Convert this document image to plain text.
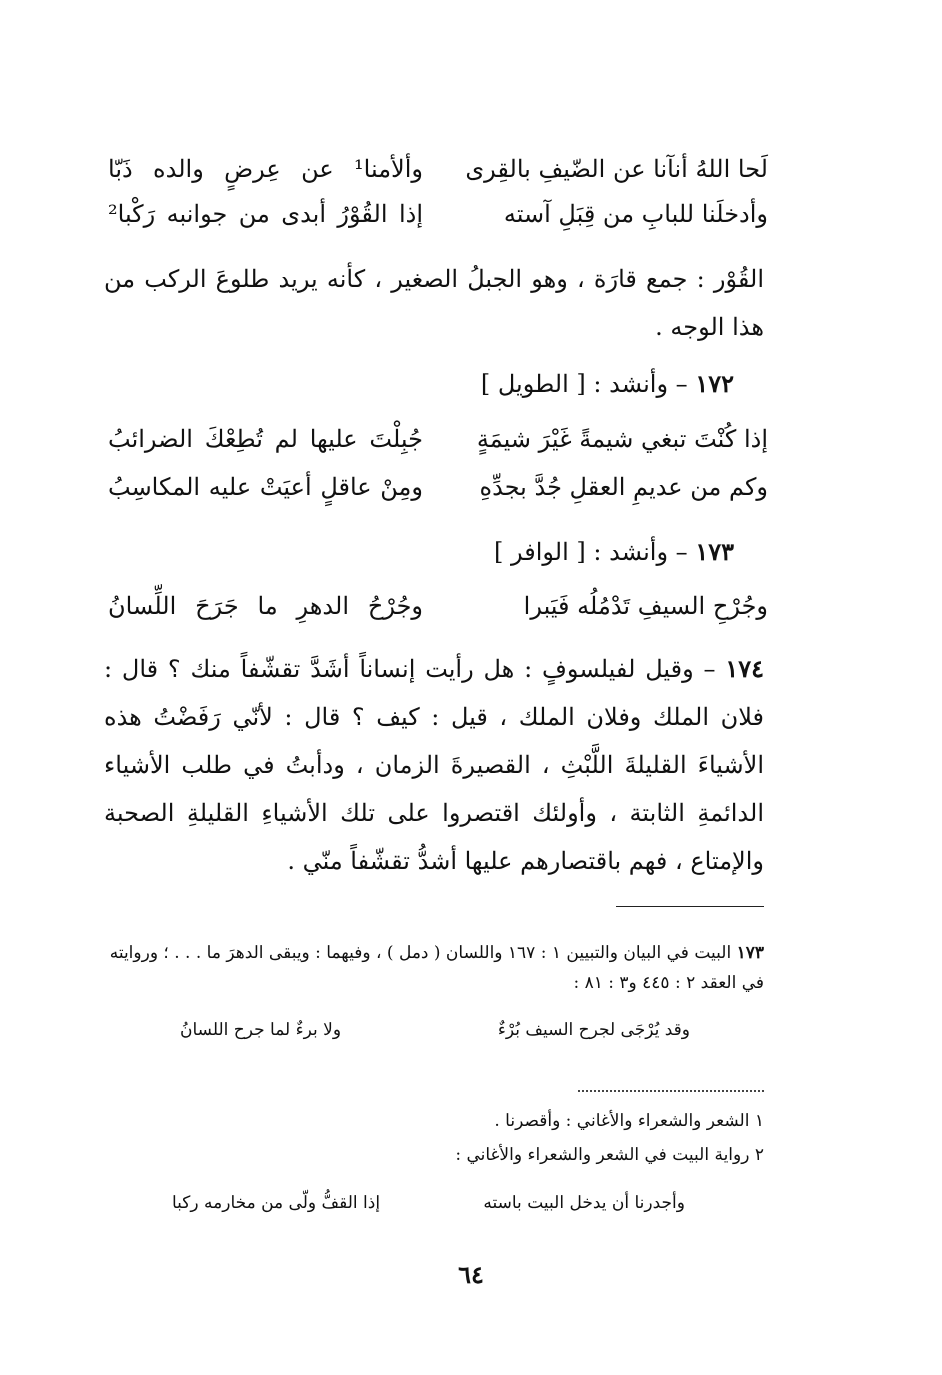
لَحا اللهُ أنآنا عن الضّيفِ بالقِرى
وألأمنا¹ عن عِرضٍ والده ذَبّا
وأدخلَنا للبابِ من قِبَلِ آسته
إذا القُوْرُ أبدى من جوانبه رَكْبا²
القُوْر : جمع قارَة ، وهو الجبلُ الصغير ، كأنه يريد طلوعَ الركب من هذا الوجه .
١٧٢ – وأنشد : [ الطويل ]
إذا كُنْتَ تبغي شيمةً غَيْرَ شيمَةٍ
جُبِلْتَ عليها لم تُطِعْكَ الضرائبُ
وكم من عديمِ العقلِ جُدَّ بجدِّهِ
ومِنْ عاقلٍ أعيَتْ عليه المكاسِبُ
١٧٣ – وأنشد : [ الوافر ]
وجُرْحِ السيفِ تَدْمُلُه فَيَبرا
وجُرْحُ الدهرِ ما جَرَحَ اللِّسانُ
١٧٤ – وقيل لفيلسوفٍ : هل رأيت إنساناً أشَدَّ تقشّفاً منك ؟ قال : فلان الملك وفلان الملك ، قيل : كيف ؟ قال : لأنّي رَفَضْتُ هذه الأشياءَ القليلةَ اللَّبْثِ ، القصيرةَ الزمان ، ودأبتُ في طلب الأشياء الدائمةِ الثابتة ، وأولئك اقتصروا على تلك الأشياءِ القليلةِ الصحبة والإمتاع ، فهم باقتصارهم عليها أشدُّ تقشّفاً منّي .
١٧٣ البيت في البيان والتبيين ١ : ١٦٧ واللسان ( دمل ) ، وفيهما : ويبقى الدهرَ ما . . . ؛ وروايته في العقد ٢ : ٤٤٥ و٣ : ٨١ :
وقد يُرْجَى لجرح السيف بُرْءٌ
ولا برءٌ لما جرح اللسانُ
١ الشعر والشعراء والأغاني : وأقصرنا .
٢ رواية البيت في الشعر والشعراء والأغاني :
وأجدرنا أن يدخل البيت باسته
إذا القفُّ ولّى من مخارمه ركبا
٦٤
